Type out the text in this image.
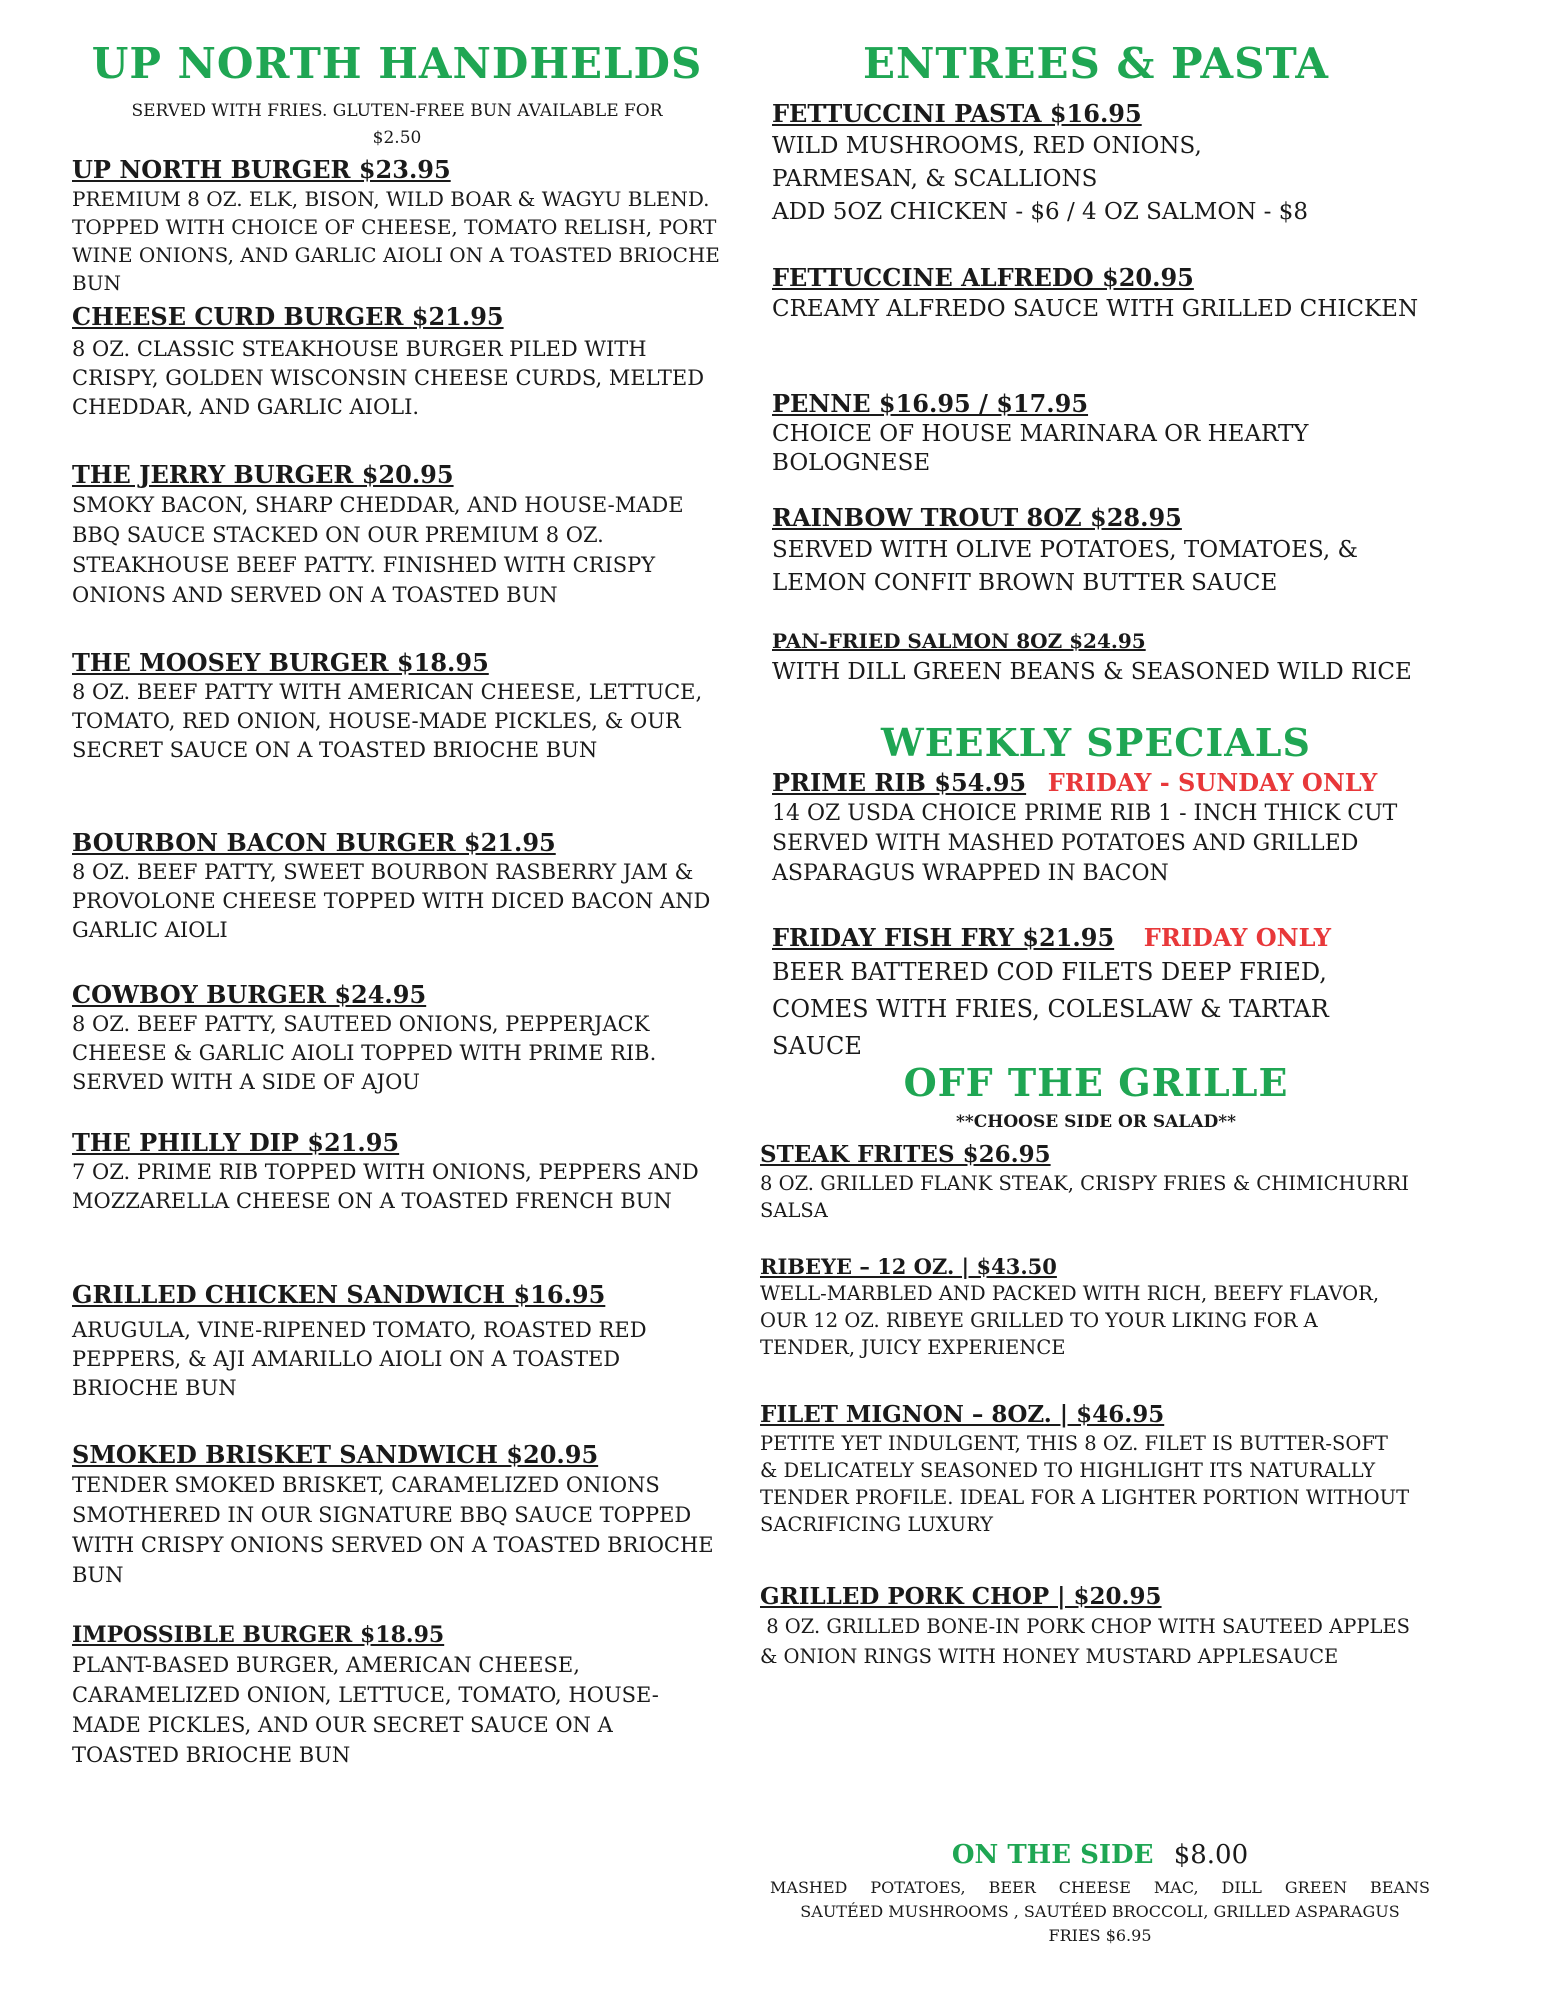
UP NORTH HANDHELDS
SERVED WITH FRIES. GLUTEN-FREE BUN AVAILABLE FOR
$2.50

UP NORTH BURGER $23.95

PREMIUM 8 OZ. ELK, BISON, WILD BOAR & WAGYU BLEND. TOPPED WITH CHOICE OF CHEESE, TOMATO RELISH, PORT WINE ONIONS, AND GARLIC AIOLI ON A TOASTED BRIOCHE BUN

CHEESE CURD BURGER $21.95

8 OZ. CLASSIC STEAKHOUSE BURGER PILED WITH CRISPY, GOLDEN WISCONSIN CHEESE CURDS, MELTED CHEDDAR, AND GARLIC AIOLI.

THE JERRY BURGER $20.95

SMOKY BACON, SHARP CHEDDAR, AND HOUSE-MADE BBQ SAUCE STACKED ON OUR PREMIUM 8 OZ. STEAKHOUSE BEEF PATTY. FINISHED WITH CRISPY ONIONS AND SERVED ON A TOASTED BUN

THE MOOSEY BURGER $18.95

8 OZ. BEEF PATTY WITH AMERICAN CHEESE, LETTUCE, TOMATO, RED ONION, HOUSE-MADE PICKLES, & OUR SECRET SAUCE ON A TOASTED BRIOCHE BUN

BOURBON BACON BURGER $21.95

8 OZ. BEEF PATTY, SWEET BOURBON RASBERRY JAM & PROVOLONE CHEESE TOPPED WITH DICED BACON AND GARLIC AIOLI

COWBOY BURGER $24.95

8 OZ. BEEF PATTY, SAUTEED ONIONS, PEPPERJACK CHEESE & GARLIC AIOLI TOPPED WITH PRIME RIB. SERVED WITH A SIDE OF AJOU

THE PHILLY DIP $21.95

7 OZ. PRIME RIB TOPPED WITH ONIONS, PEPPERS AND MOZZARELLA CHEESE ON A TOASTED FRENCH BUN

GRILLED CHICKEN SANDWICH $16.95

ARUGULA, VINE-RIPENED TOMATO, ROASTED RED PEPPERS, & AJI AMARILLO AIOLI ON A TOASTED BRIOCHE BUN

SMOKED BRISKET SANDWICH $20.95

TENDER SMOKED BRISKET, CARAMELIZED ONIONS SMOTHERED IN OUR SIGNATURE BBQ SAUCE TOPPED WITH CRISPY ONIONS SERVED ON A TOASTED BRIOCHE BUN

IMPOSSIBLE BURGER $18.95

PLANT-BASED BURGER, AMERICAN CHEESE, CARAMELIZED ONION, LETTUCE, TOMATO, HOUSE-MADE PICKLES, AND OUR SECRET SAUCE ON A TOASTED BRIOCHE BUN

ENTREES & PASTA

FETTUCCINI PASTA $16.95

WILD MUSHROOMS, RED ONIONS, PARMESAN, & SCALLIONS

ADD 5OZ CHICKEN - $6 / 4 OZ SALMON - $8

FETTUCCINE ALFREDO $20.95

CREAMY ALFREDO SAUCE WITH GRILLED CHICKEN

PENNE $16.95 / $17.95

CHOICE OF HOUSE MARINARA OR HEARTY BOLOGNESE

RAINBOW TROUT 8OZ $28.95

SERVED WITH OLIVE POTATOES, TOMATOES, & LEMON CONFIT BROWN BUTTER SAUCE

PAN-FRIED SALMON 8OZ $24.95

WITH DILL GREEN BEANS & SEASONED WILD RICE

WEEKLY SPECIALS

PRIME RIB $54.95 FRIDAY - SUNDAY ONLY

14 OZ USDA CHOICE PRIME RIB 1 - INCH THICK CUT SERVED WITH MASHED POTATOES AND GRILLED ASPARAGUS WRAPPED IN BACON

FRIDAY FISH FRY $21.95 FRIDAY ONLY

BEER BATTERED COD FILETS DEEP FRIED, COMES WITH FRIES, COLESLAW & TARTAR SAUCE

OFF THE GRILLE
**CHOOSE SIDE OR SALAD**

STEAK FRITES $26.95

8 OZ. GRILLED FLANK STEAK, CRISPY FRIES & CHIMICHURRI SALSA

RIBEYE – 12 OZ. | $43.50

WELL-MARBLED AND PACKED WITH RICH, BEEFY FLAVOR, OUR 12 OZ. RIBEYE GRILLED TO YOUR LIKING FOR A TENDER, JUICY EXPERIENCE

FILET MIGNON – 8OZ. | $46.95

PETITE YET INDULGENT, THIS 8 OZ. FILET IS BUTTER-SOFT & DELICATELY SEASONED TO HIGHLIGHT ITS NATURALLY TENDER PROFILE. IDEAL FOR A LIGHTER PORTION WITHOUT SACRIFICING LUXURY

GRILLED PORK CHOP | $20.95

8 OZ. GRILLED BONE-IN PORK CHOP WITH SAUTEED APPLES & ONION RINGS WITH HONEY MUSTARD APPLESAUCE

ON THE SIDE $8.00
MASHED POTATOES, BEER CHEESE MAC, DILL GREEN BEANS
SAUTÉED MUSHROOMS , SAUTÉED BROCCOLI, GRILLED ASPARAGUS
FRIES $6.95
